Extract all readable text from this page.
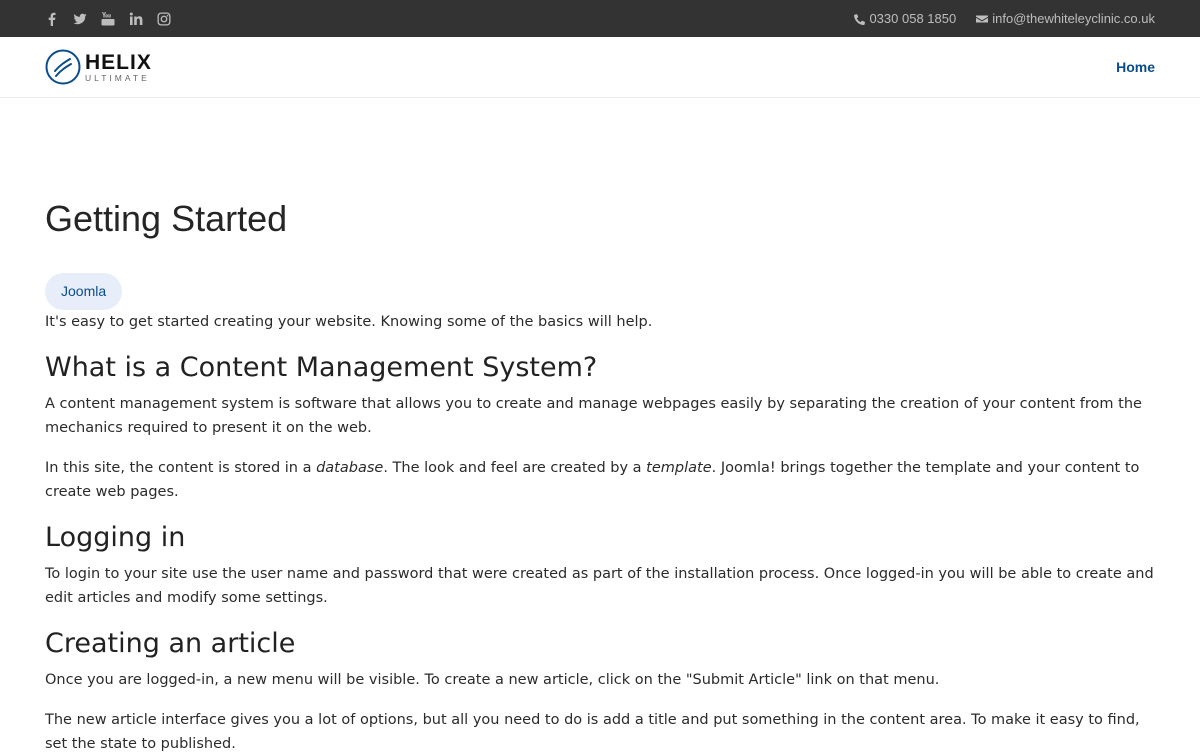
0330 058 1850	info@thewhiteleyclinic.co.uk
HELIX
ULTIMATE
Home
Getting Started
Joomla

It's easy to get started creating your website. Knowing some of the basics will help.

What is a Content Management System?

A content management system is software that allows you to create and manage webpages easily by separating the creation of your content from the mechanics required to present it on the web.

In this site, the content is stored in a database. The look and feel are created by a template. Joomla! brings together the template and your content to create web pages.

Logging in

To login to your site use the user name and password that were created as part of the installation process. Once logged-in you will be able to create and edit articles and modify some settings.

Creating an article

Once you are logged-in, a new menu will be visible. To create a new article, click on the "Submit Article" link on that menu.

The new article interface gives you a lot of options, but all you need to do is add a title and put something in the content area. To make it easy to find, set the state to published.
